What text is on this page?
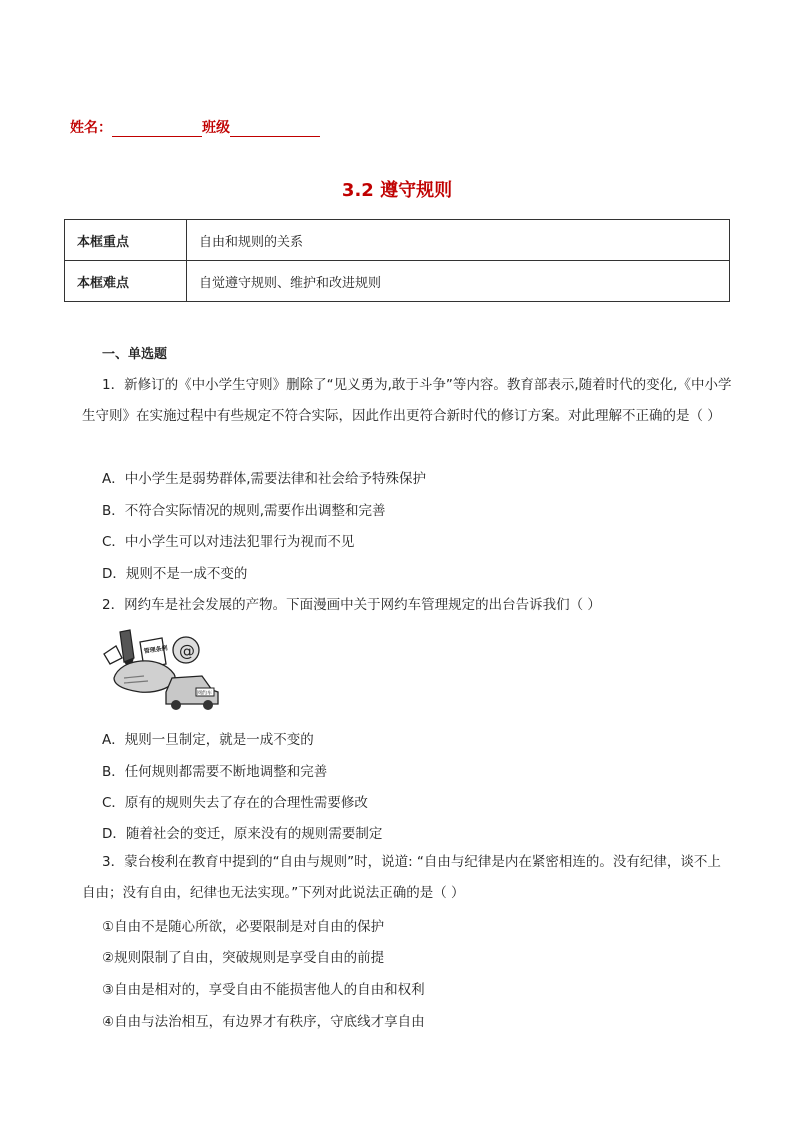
姓名：	班级
3.2 遵守规则
本框重点	自由和规则的关系
本框难点	自觉遵守规则、维护和改进规则
一、单选题
1．新修订的《中小学生守则》删除了“见义勇为,敢于斗争”等内容。教育部表示,随着时代的变化,《中小学生守则》在实施过程中有些规定不符合实际，因此作出更符合新时代的修订方案。对此理解不正确的是（ ）
A．中小学生是弱势群体,需要法律和社会给予特殊保护
B．不符合实际情况的规则,需要作出调整和完善
C．中小学生可以对违法犯罪行为视而不见
D．规则不是一成不变的
2．网约车是社会发展的产物。下面漫画中关于网约车管理规定的出台告诉我们（ ）
管理条例 @
网约车
A．规则一旦制定，就是一成不变的
B．任何规则都需要不断地调整和完善
C．原有的规则失去了存在的合理性需要修改
D．随着社会的变迁，原来没有的规则需要制定
3．蒙台梭利在教育中提到的“自由与规则”时，说道: “自由与纪律是内在紧密相连的。没有纪律，谈不上自由；没有自由，纪律也无法实现。”下列对此说法正确的是（ ）
①自由不是随心所欲，必要限制是对自由的保护
②规则限制了自由，突破规则是享受自由的前提
③自由是相对的，享受自由不能损害他人的自由和权利
④自由与法治相互，有边界才有秩序，守底线才享自由
